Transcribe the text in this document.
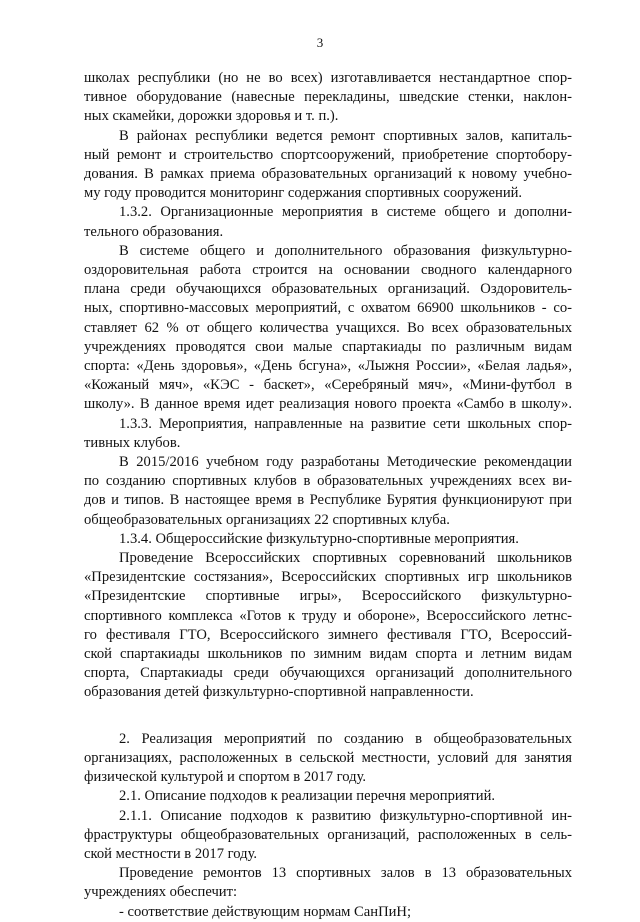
3
школах республики (но не во всех) изготавливается нестандартное спор-
тивное оборудование (навесные перекладины, шведские стенки, наклон-
ных скамейки, дорожки здоровья и т. п.).
В районах республики ведется ремонт спортивных залов, капиталь-
ный ремонт и строительство спортсооружений, приобретение спортобору-
дования. В рамках приема образовательных организаций к новому учебно-
му году проводится мониторинг содержания спортивных сооружений.
1.3.2. Организационные мероприятия в системе общего и дополни-
тельного образования.
В системе общего и дополнительного образования физкультурно-
оздоровительная работа строится на основании сводного календарного
плана среди обучающихся образовательных организаций. Оздоровитель-
ных, спортивно-массовых мероприятий, с охватом 66900 школьников - со-
ставляет 62 % от общего количества учащихся. Во всех образовательных
учреждениях проводятся свои малые спартакиады по различным видам
спорта: «День здоровья», «День бсгуна», «Лыжня России», «Белая ладья»,
«Кожаный мяч», «КЭС - баскет», «Серебряный мяч», «Мини-футбол в
школу». В данное время идет реализация нового проекта «Самбо в школу».
1.3.3. Мероприятия, направленные на развитие сети школьных спор-
тивных клубов.
В 2015/2016 учебном году разработаны Методические рекомендации
по созданию спортивных клубов в образовательных учреждениях всех ви-
дов и типов. В настоящее время в Республике Бурятия функционируют при
общеобразовательных организациях 22 спортивных клуба.
1.3.4. Общероссийские физкультурно-спортивные мероприятия.
Проведение Всероссийских спортивных соревнований школьников
«Президентские состязания», Всероссийских спортивных игр школьников
«Президентские спортивные игры», Всероссийского физкультурно-
спортивного комплекса «Готов к труду и обороне», Всероссийского летнс-
го фестиваля ГТО, Всероссийского зимнего фестиваля ГТО, Всероссий-
ской спартакиады школьников по зимним видам спорта и летним видам
спорта, Спартакиады среди обучающихся организаций дополнительного
образования детей физкультурно-спортивной направленности.
2. Реализация мероприятий по созданию в общеобразовательных
организациях, расположенных в сельской местности, условий для занятия
физической культурой и спортом в 2017 году.
2.1. Описание подходов к реализации перечня мероприятий.
2.1.1. Описание подходов к развитию физкультурно-спортивной ин-
фраструктуры общеобразовательных организаций, расположенных в сель-
ской местности в 2017 году.
Проведение ремонтов 13 спортивных залов в 13 образовательных
учреждениях обеспечит:
- соответствие действующим нормам СанПиН;
